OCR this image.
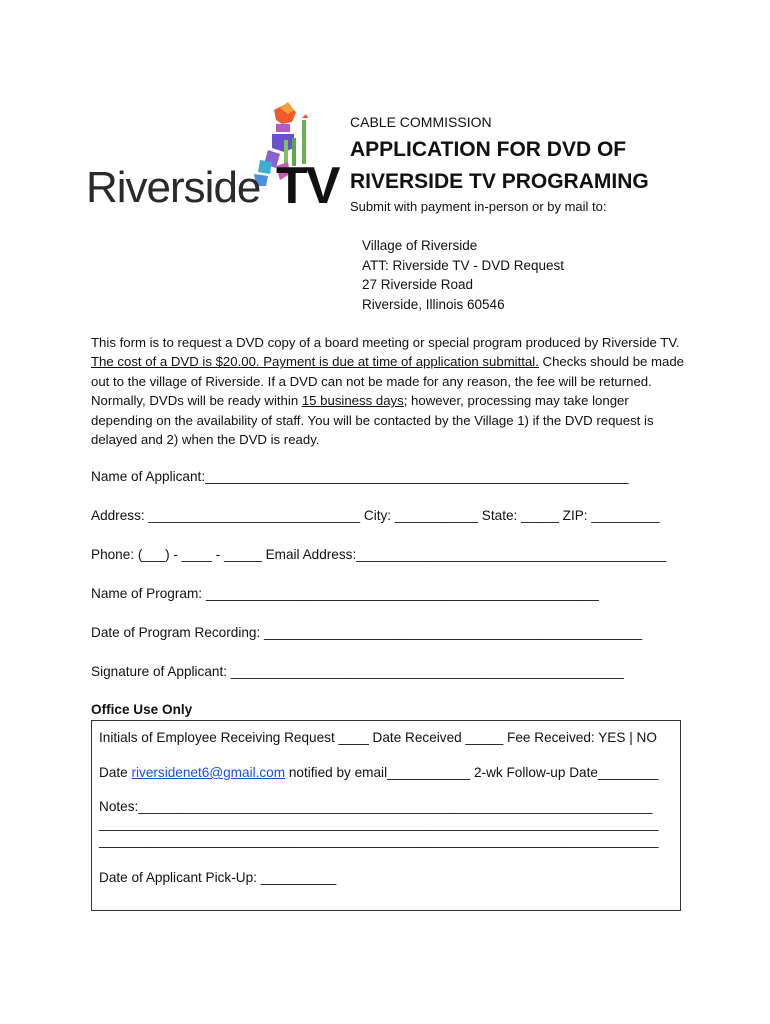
Riverside TV
CABLE COMMISSION
APPLICATION FOR DVD OF
RIVERSIDE TV PROGRAMING
Submit with payment in-person or by mail to:
Village of Riverside
ATT: Riverside TV - DVD Request
27 Riverside Road
Riverside, Illinois 60546
This form is to request a DVD copy of a board meeting or special program produced by Riverside TV. The cost of a DVD is $20.00. Payment is due at time of application submittal. Checks should be made out to the village of Riverside. If a DVD can not be made for any reason, the fee will be returned. Normally, DVDs will be ready within 15 business days; however, processing may take longer depending on the availability of staff. You will be contacted by the Village 1) if the DVD request is delayed and 2) when the DVD is ready.
Name of Applicant:________________________________________________________
Address: ____________________________ City: ___________ State: _____ ZIP: _________
Phone: (___) - ____ - _____ Email Address:_________________________________________
Name of Program: ____________________________________________________
Date of Program Recording: __________________________________________________
Signature of Applicant: ____________________________________________________
Office Use Only
Initials of Employee Receiving Request ____ Date Received _____ Fee Received: YES | NO
Date riversidenet6@gmail.com notified by email___________ 2-wk Follow-up Date________
Notes:____________________________________________________________________
__________________________________________________________________________
__________________________________________________________________________
Date of Applicant Pick-Up: __________
